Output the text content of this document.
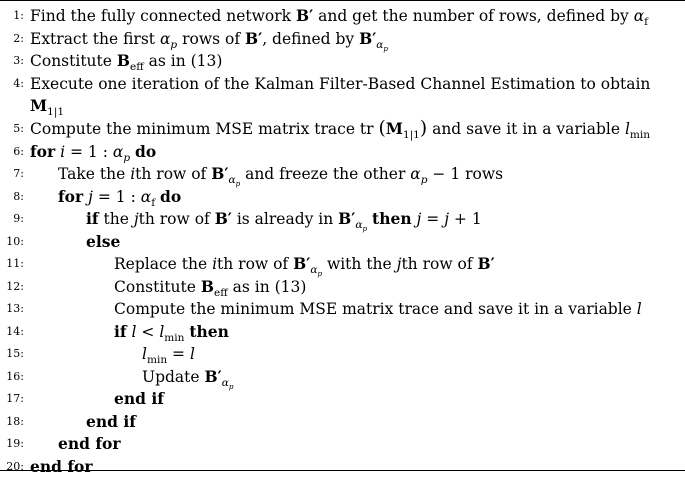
1: Find the fully connected network B′ and get the number of rows, defined by $\alpha_f$
2: Extract the first $\alpha_p$ rows of B′, defined by $B'_{\alpha_p}$
3: Constitute $B_{eff}$ as in (13)
4: Execute one iteration of the Kalman Filter-Based Channel Estimation to obtain $M_{1|1}$
5: Compute the minimum MSE matrix trace tr $(M_{1|1})$ and save it in a variable $l_{min}$
6: for i = 1 : $\alpha_p$ do
7: Take the ith row of $B'_{\alpha_p}$ and freeze the other $\alpha_p - 1$ rows
8: for j = 1 : $\alpha_f$ do
9:	if the jth row of B′ is already in $B'_{\alpha_p}$ then j = j + 1
10:	else
11:	Replace the ith row of $B'_{\alpha_p}$ with the jth row of B′
12:	Constitute $B_{eff}$ as in (13)
13:	Compute the minimum MSE matrix trace and save it in a variable l
14:	if $l < l_{min}$ then
15:	$l_{min} = l$
16:	Update $B'_{\alpha_p}$
17:	end if
18:	end if
19: end for
20: end for
